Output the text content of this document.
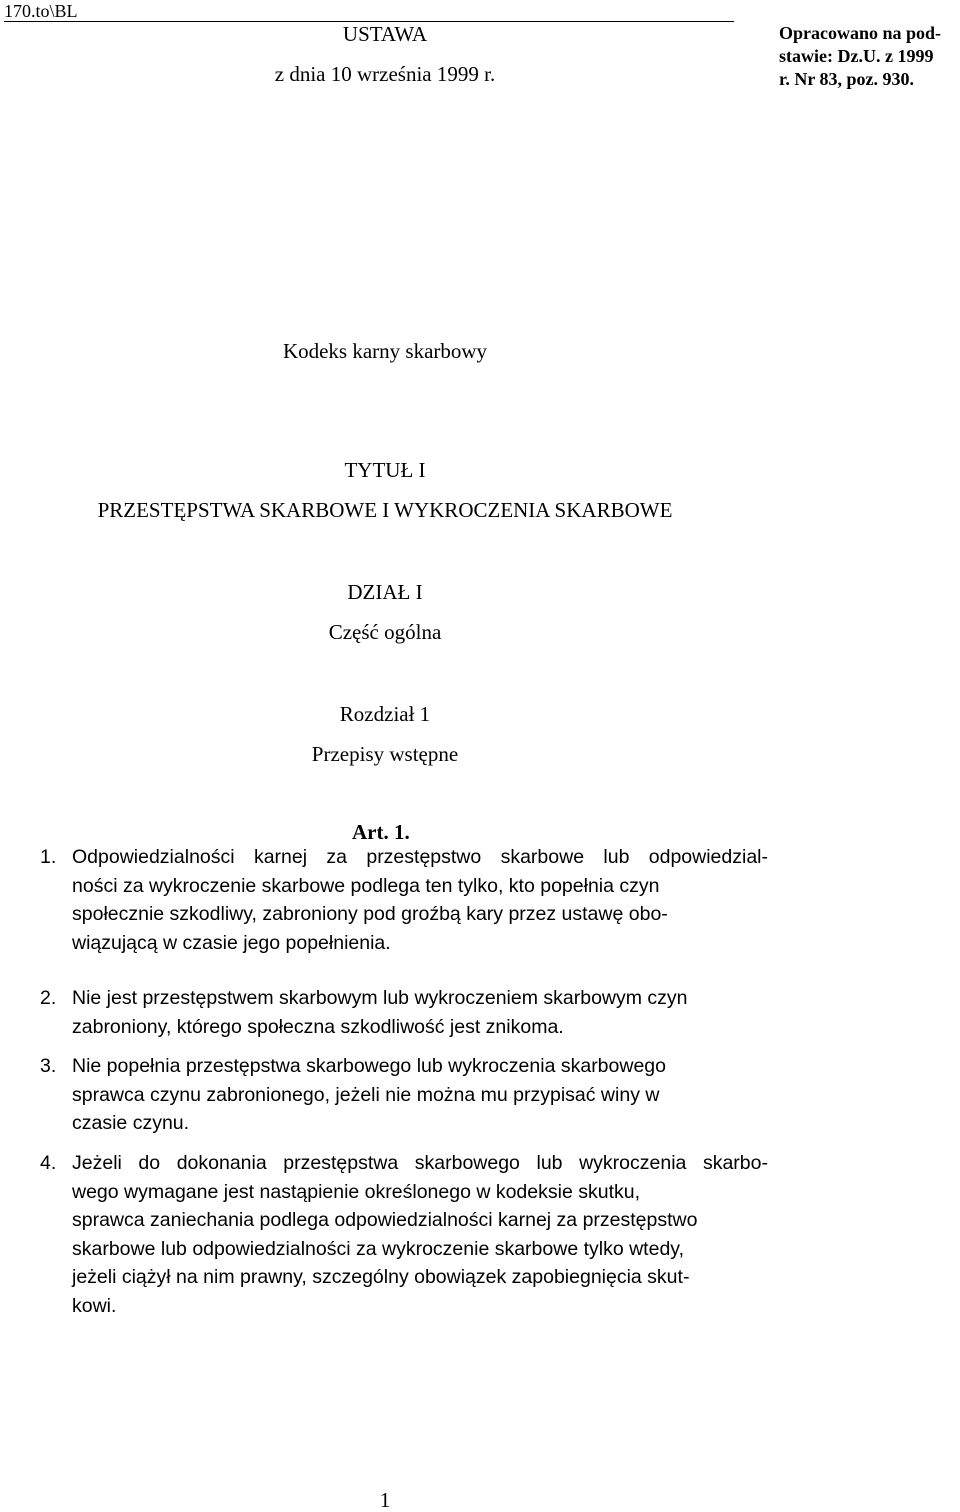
170.to\BL
USTAWA
z dnia 10 września 1999 r.
Opracowano na pod-
stawie: Dz.U. z 1999
r. Nr 83, poz. 930.
Kodeks karny skarbowy
TYTUŁ I
PRZESTĘPSTWA SKARBOWE I WYKROCZENIA SKARBOWE
DZIAŁ I
Część ogólna
Rozdział 1
Przepisy wstępne
Art. 1.
1. Odpowiedzialności karnej za przestępstwo skarbowe lub odpowiedzial-
ności za wykroczenie skarbowe podlega ten tylko, kto popełnia czyn
społecznie szkodliwy, zabroniony pod groźbą kary przez ustawę obo-
wiązującą w czasie jego popełnienia.
2. Nie jest przestępstwem skarbowym lub wykroczeniem skarbowym czyn
zabroniony, którego społeczna szkodliwość jest znikoma.
3. Nie popełnia przestępstwa skarbowego lub wykroczenia skarbowego
sprawca czynu zabronionego, jeżeli nie można mu przypisać winy w
czasie czynu.
4. Jeżeli do dokonania przestępstwa skarbowego lub wykroczenia skarbo-
wego wymagane jest nastąpienie określonego w kodeksie skutku,
sprawca zaniechania podlega odpowiedzialności karnej za przestępstwo
skarbowe lub odpowiedzialności za wykroczenie skarbowe tylko wtedy,
jeżeli ciążył na nim prawny, szczególny obowiązek zapobiegnięcia skut-
kowi.
1
